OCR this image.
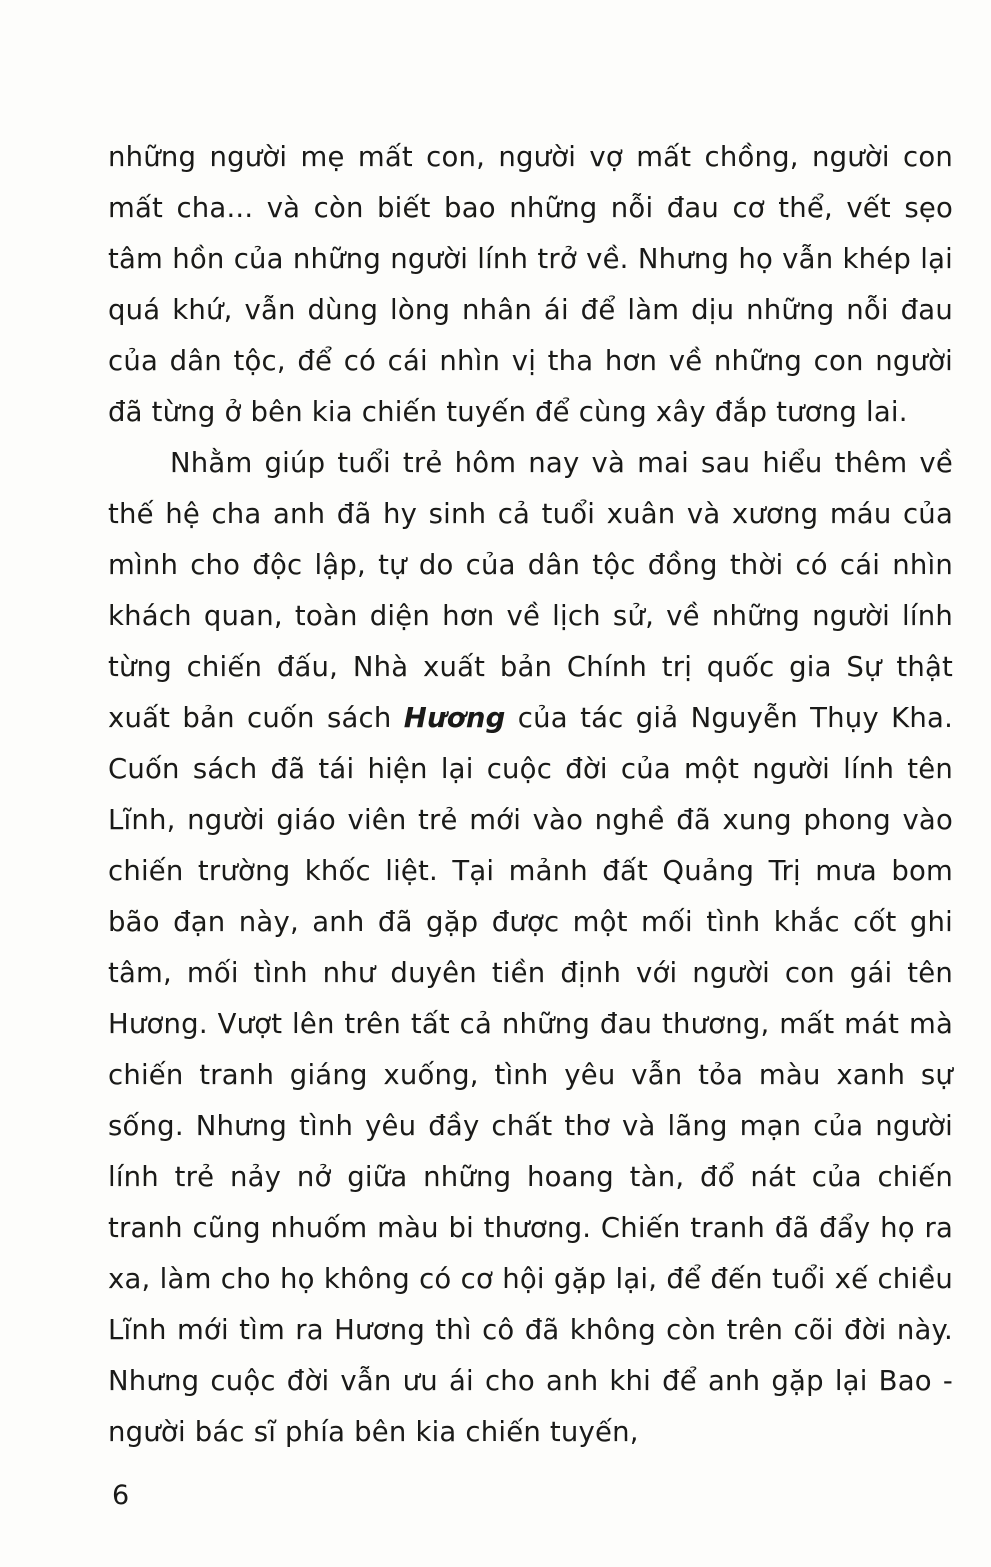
những người mẹ mất con, người vợ mất chồng, người con mất cha... và còn biết bao những nỗi đau cơ thể, vết sẹo tâm hồn của những người lính trở về. Nhưng họ vẫn khép lại quá khứ, vẫn dùng lòng nhân ái để làm dịu những nỗi đau của dân tộc, để có cái nhìn vị tha hơn về những con người đã từng ở bên kia chiến tuyến để cùng xây đắp tương lai.

Nhằm giúp tuổi trẻ hôm nay và mai sau hiểu thêm về thế hệ cha anh đã hy sinh cả tuổi xuân và xương máu của mình cho độc lập, tự do của dân tộc đồng thời có cái nhìn khách quan, toàn diện hơn về lịch sử, về những người lính từng chiến đấu, Nhà xuất bản Chính trị quốc gia Sự thật xuất bản cuốn sách Hương của tác giả Nguyễn Thụy Kha. Cuốn sách đã tái hiện lại cuộc đời của một người lính tên Lĩnh, người giáo viên trẻ mới vào nghề đã xung phong vào chiến trường khốc liệt. Tại mảnh đất Quảng Trị mưa bom bão đạn này, anh đã gặp được một mối tình khắc cốt ghi tâm, mối tình như duyên tiền định với người con gái tên Hương. Vượt lên trên tất cả những đau thương, mất mát mà chiến tranh giáng xuống, tình yêu vẫn tỏa màu xanh sự sống. Nhưng tình yêu đầy chất thơ và lãng mạn của người lính trẻ nảy nở giữa những hoang tàn, đổ nát của chiến tranh cũng nhuốm màu bi thương. Chiến tranh đã đẩy họ ra xa, làm cho họ không có cơ hội gặp lại, để đến tuổi xế chiều Lĩnh mới tìm ra Hương thì cô đã không còn trên cõi đời này. Nhưng cuộc đời vẫn ưu ái cho anh khi để anh gặp lại Bao - người bác sĩ phía bên kia chiến tuyến,

6
